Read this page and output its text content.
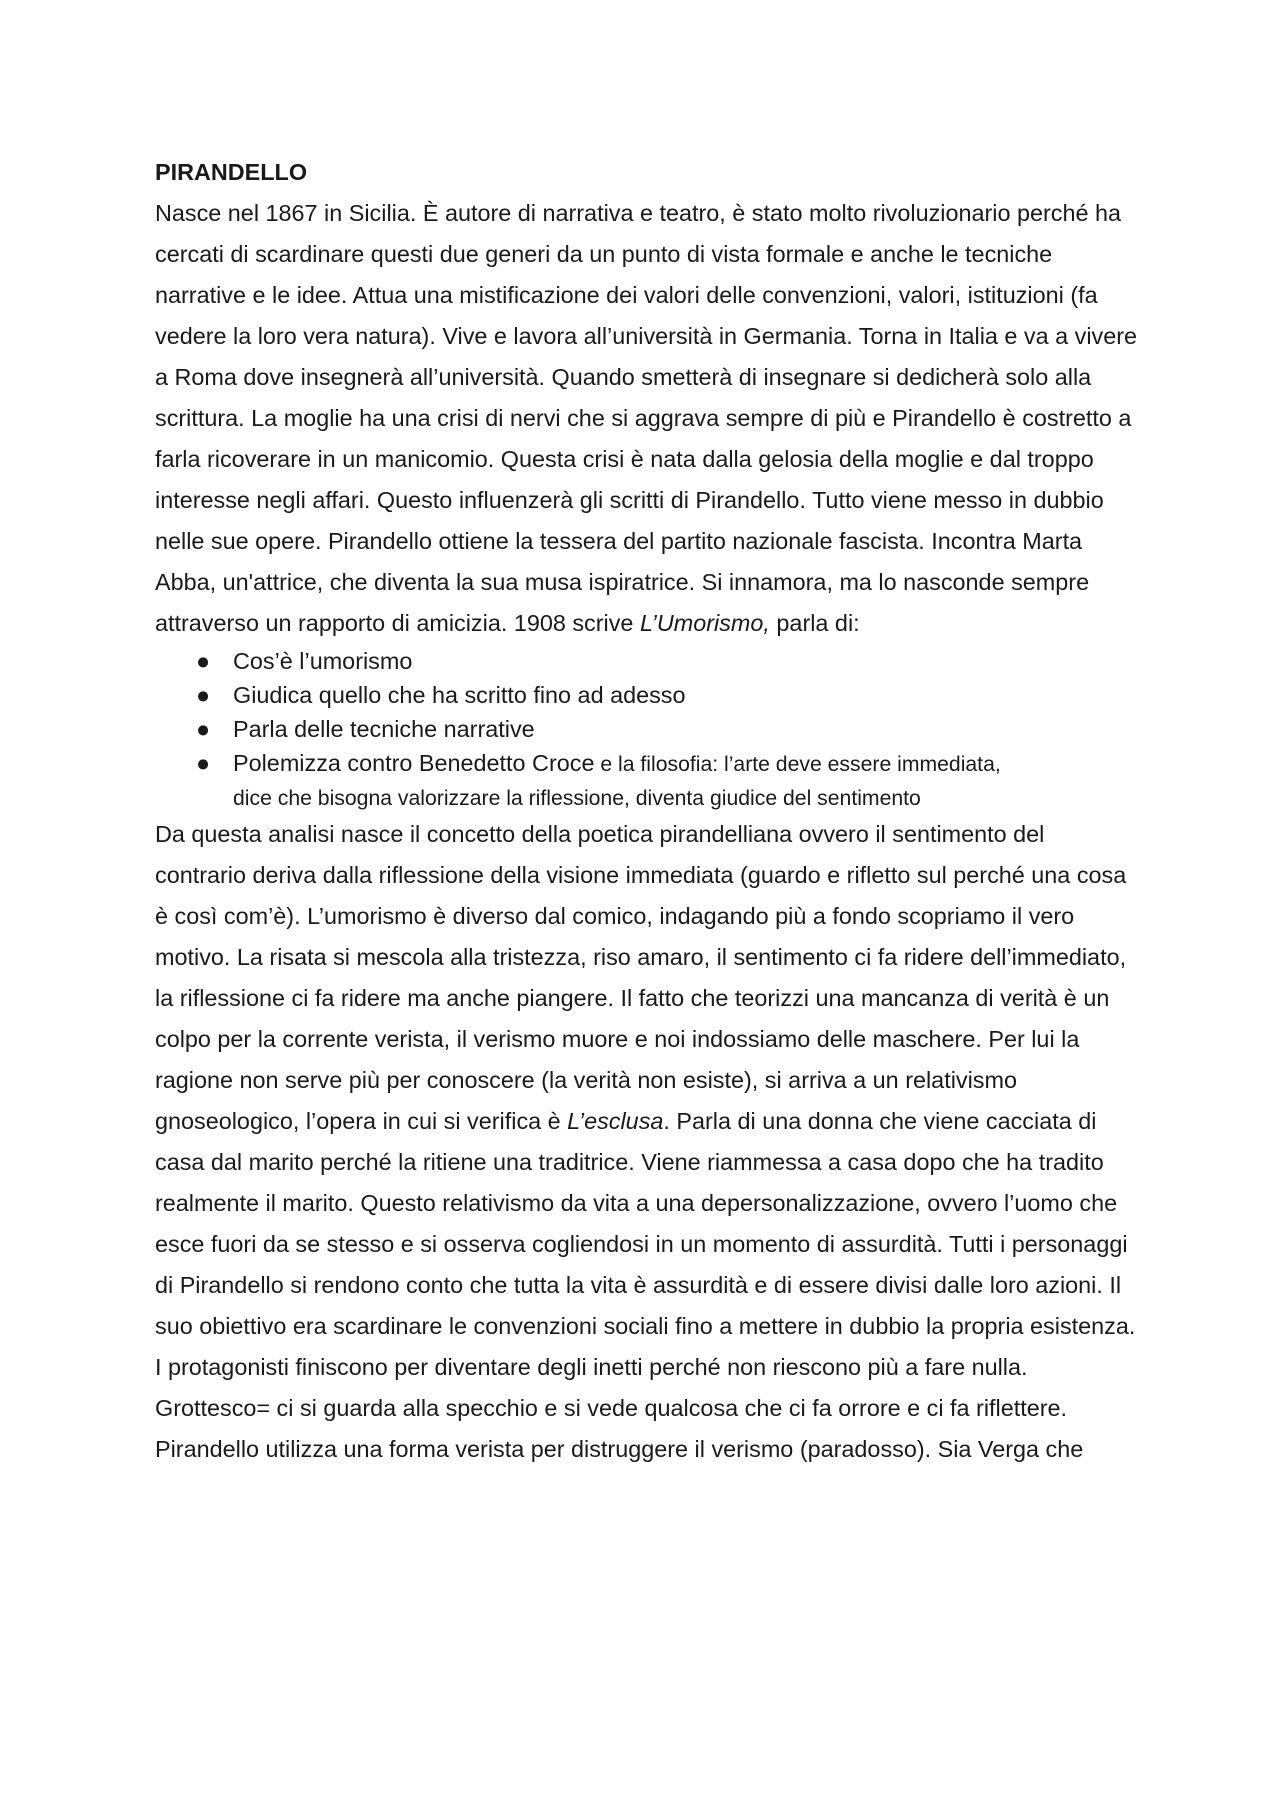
PIRANDELLO

Nasce nel 1867 in Sicilia. È autore di narrativa e teatro, è stato molto rivoluzionario perché ha cercati di scardinare questi due generi da un punto di vista formale e anche le tecniche narrative e le idee. Attua una mistificazione dei valori delle convenzioni, valori, istituzioni (fa vedere la loro vera natura). Vive e lavora all’università in Germania. Torna in Italia e va a vivere a Roma dove insegnerà all’università. Quando smetterà di insegnare si dedicherà solo alla scrittura. La moglie ha una crisi di nervi che si aggrava sempre di più e Pirandello è costretto a farla ricoverare in un manicomio. Questa crisi è nata dalla gelosia della moglie e dal troppo interesse negli affari. Questo influenzerà gli scritti di Pirandello. Tutto viene messo in dubbio nelle sue opere. Pirandello ottiene la tessera del partito nazionale fascista. Incontra Marta Abba, un'attrice, che diventa la sua musa ispiratrice. Si innamora, ma lo nasconde sempre attraverso un rapporto di amicizia. 1908 scrive L’Umorismo, parla di:

● Cos’è l’umorismo
● Giudica quello che ha scritto fino ad adesso
● Parla delle tecniche narrative
● Polemizza contro Benedetto Croce e la filosofia: l’arte deve essere immediata,
dice che bisogna valorizzare la riflessione, diventa giudice del sentimento

Da questa analisi nasce il concetto della poetica pirandelliana ovvero il sentimento del contrario deriva dalla riflessione della visione immediata (guardo e rifletto sul perché una cosa è così com’è). L’umorismo è diverso dal comico, indagando più a fondo scopriamo il vero motivo. La risata si mescola alla tristezza, riso amaro, il sentimento ci fa ridere dell’immediato, la riflessione ci fa ridere ma anche piangere. Il fatto che teorizzi una mancanza di verità è un colpo per la corrente verista, il verismo muore e noi indossiamo delle maschere. Per lui la ragione non serve più per conoscere (la verità non esiste), si arriva a un relativismo gnoseologico, l’opera in cui si verifica è L’esclusa. Parla di una donna che viene cacciata di casa dal marito perché la ritiene una traditrice. Viene riammessa a casa dopo che ha tradito realmente il marito. Questo relativismo da vita a una depersonalizzazione, ovvero l’uomo che esce fuori da se stesso e si osserva cogliendosi in un momento di assurdità. Tutti i personaggi di Pirandello si rendono conto che tutta la vita è assurdità e di essere divisi dalle loro azioni. Il suo obiettivo era scardinare le convenzioni sociali fino a mettere in dubbio la propria esistenza. I protagonisti finiscono per diventare degli inetti perché non riescono più a fare nulla. Grottesco= ci si guarda alla specchio e si vede qualcosa che ci fa orrore e ci fa riflettere. Pirandello utilizza una forma verista per distruggere il verismo (paradosso). Sia Verga che
